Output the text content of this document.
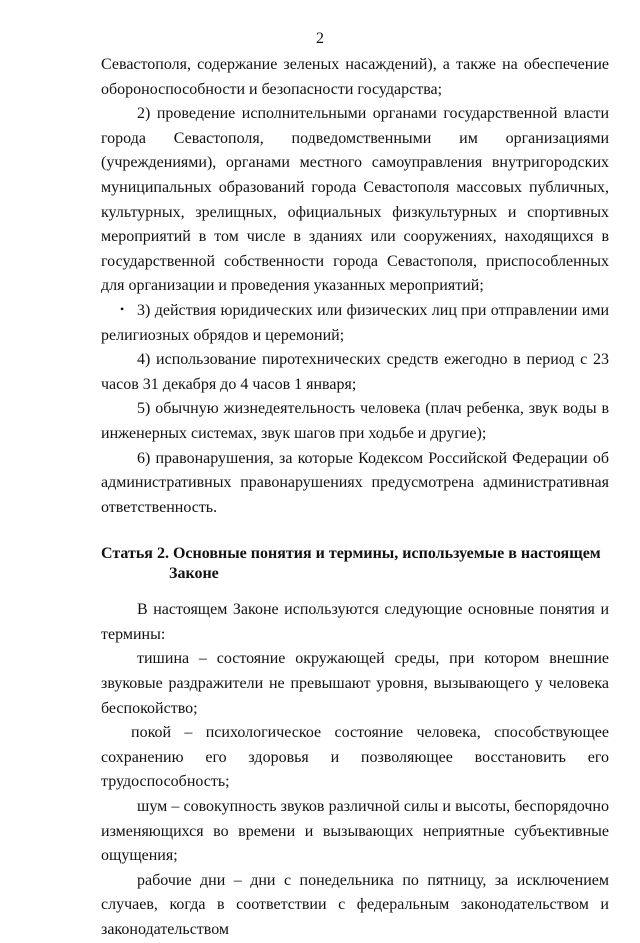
2
•

Севастополя, содержание зеленых насаждений), а также на обеспечение обороноспособности и безопасности государства;

2) проведение исполнительными органами государственной власти города Севастополя, подведомственными им организациями (учреждениями), органами местного самоуправления внутригородских муниципальных образований города Севастополя массовых публичных, культурных, зрелищных, официальных физкультурных и спортивных мероприятий в том числе в зданиях или сооружениях, находящихся в государственной собственности города Севастополя, приспособленных для организации и проведения указанных мероприятий;

3) действия юридических или физических лиц при отправлении ими религиозных обрядов и церемоний;

4) использование пиротехнических средств ежегодно в период с 23 часов 31 декабря до 4 часов 1 января;

5) обычную жизнедеятельность человека (плач ребенка, звук воды в инженерных системах, звук шагов при ходьбе и другие);

6) правонарушения, за которые Кодексом Российской Федерации об административных правонарушениях предусмотрена административная ответственность.

Статья 2. Основные понятия и термины, используемые в настоящем
Законе

В настоящем Законе используются следующие основные понятия и термины:

тишина – состояние окружающей среды, при котором внешние звуковые раздражители не превышают уровня, вызывающего у человека беспокойство;

покой – психологическое состояние человека, способствующее сохранению его здоровья и позволяющее восстановить его трудоспособность;

шум – совокупность звуков различной силы и высоты, беспорядочно изменяющихся во времени и вызывающих неприятные субъективные ощущения;

рабочие дни – дни с понедельника по пятницу, за исключением случаев, когда в соответствии с федеральным законодательством и законодательством
